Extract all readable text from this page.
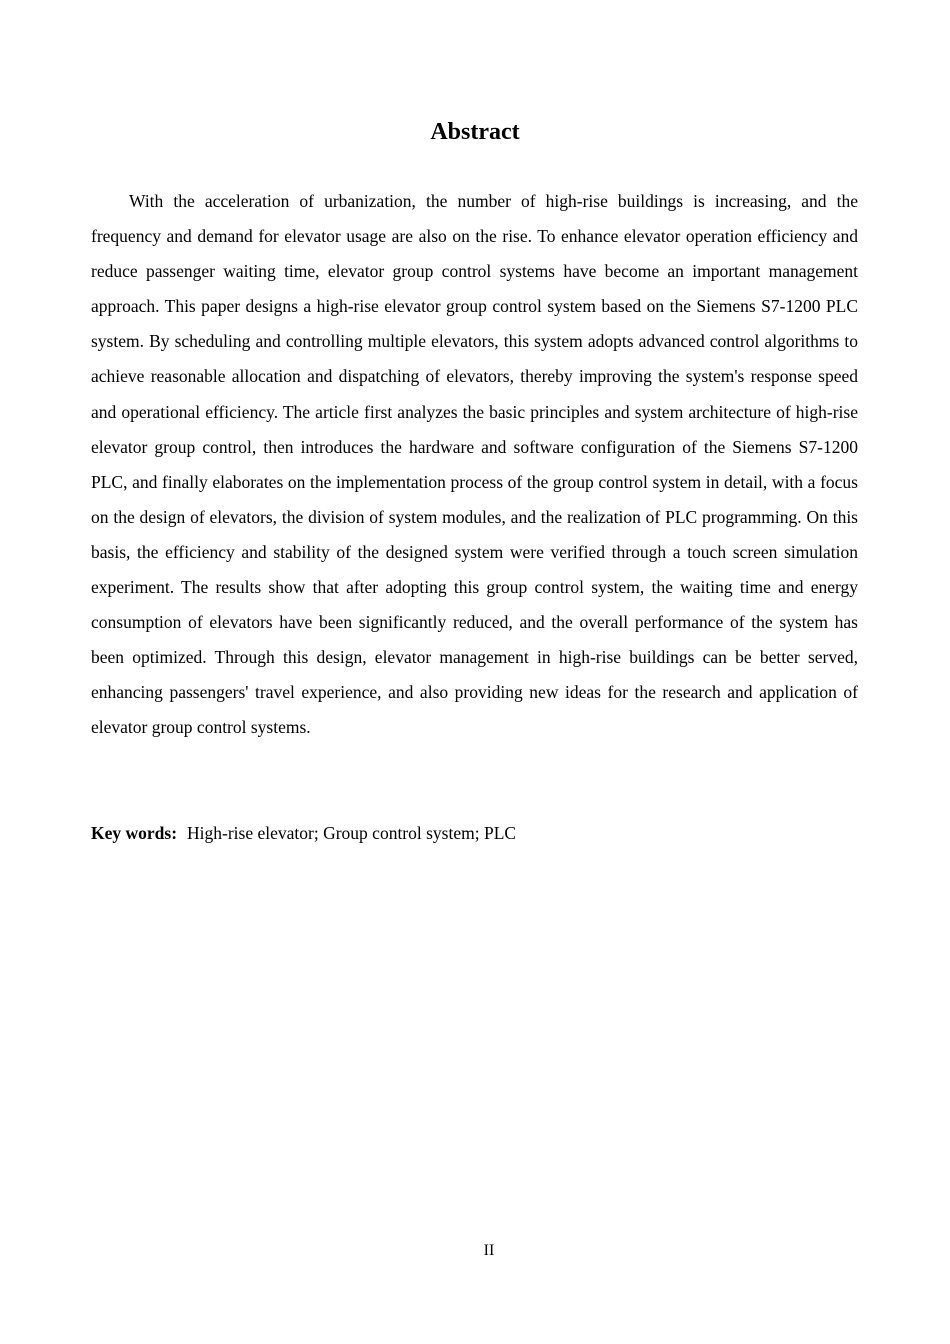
Abstract

With the acceleration of urbanization, the number of high-rise buildings is increasing, and the frequency and demand for elevator usage are also on the rise. To enhance elevator operation efficiency and reduce passenger waiting time, elevator group control systems have become an important management approach. This paper designs a high-rise elevator group control system based on the Siemens S7-1200 PLC system. By scheduling and controlling multiple elevators, this system adopts advanced control algorithms to achieve reasonable allocation and dispatching of elevators, thereby improving the system's response speed and operational efficiency. The article first analyzes the basic principles and system architecture of high-rise elevator group control, then introduces the hardware and software configuration of the Siemens S7-1200 PLC, and finally elaborates on the implementation process of the group control system in detail, with a focus on the design of elevators, the division of system modules, and the realization of PLC programming. On this basis, the efficiency and stability of the designed system were verified through a touch screen simulation experiment. The results show that after adopting this group control system, the waiting time and energy consumption of elevators have been significantly reduced, and the overall performance of the system has been optimized. Through this design, elevator management in high-rise buildings can be better served, enhancing passengers' travel experience, and also providing new ideas for the research and application of elevator group control systems.

Key words: High-rise elevator; Group control system; PLC

II
